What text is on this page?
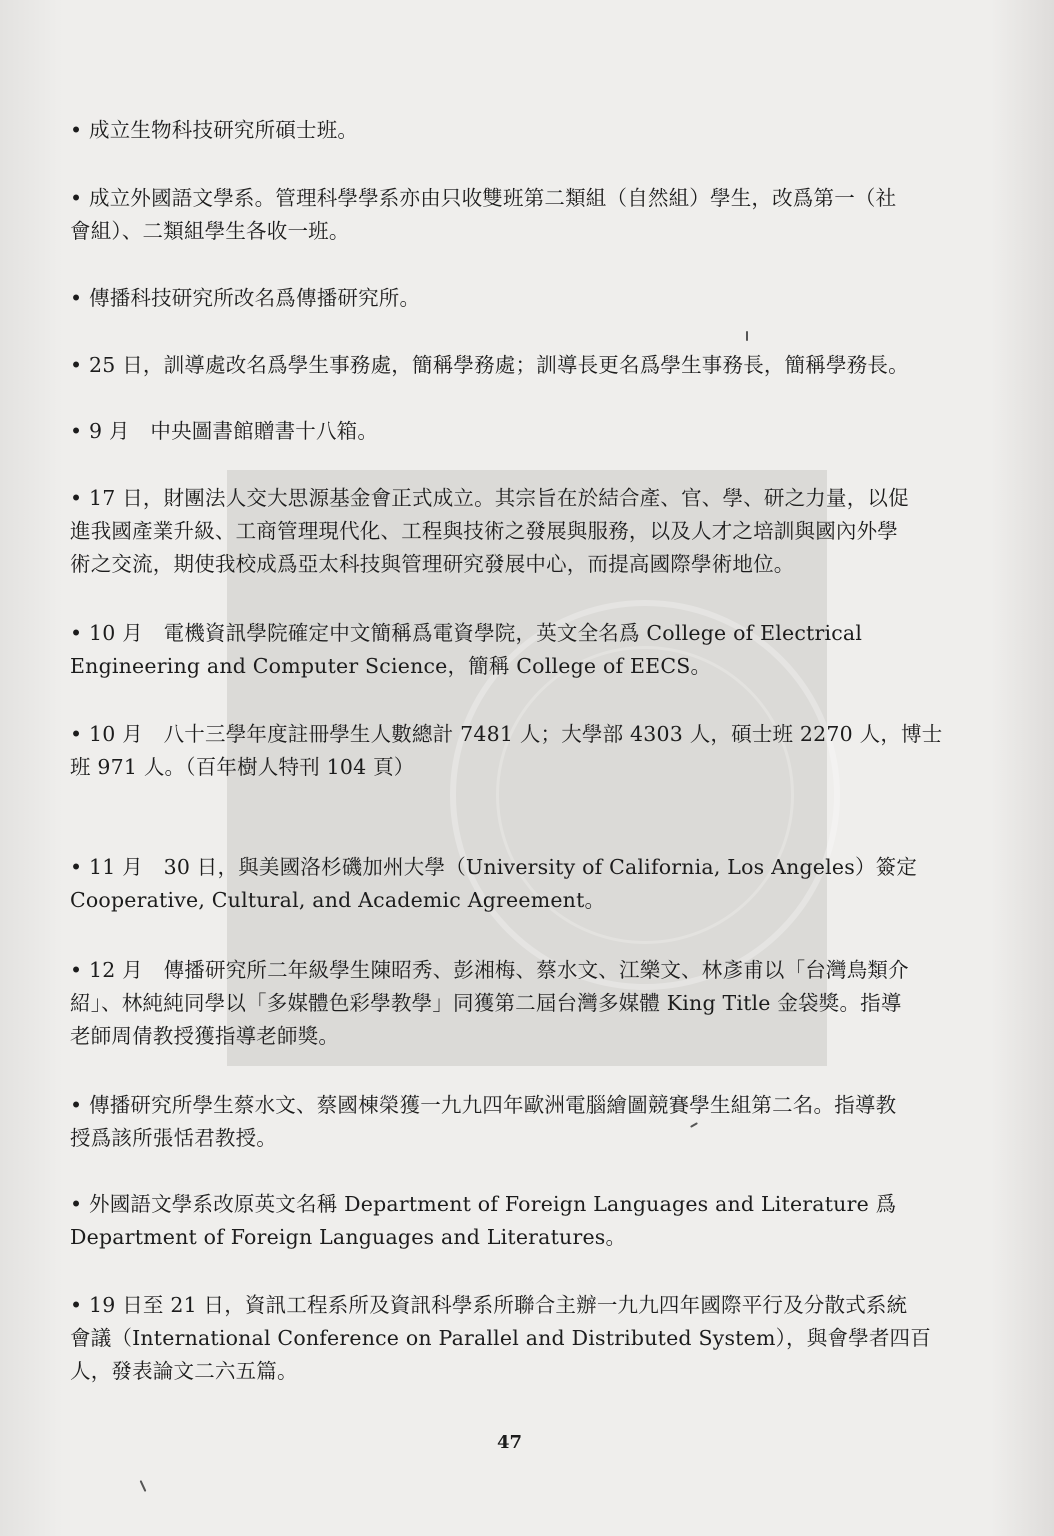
• 成立生物科技研究所碩士班。

• 成立外國語文學系。管理科學學系亦由只收雙班第二類組（自然組）學生，改爲第一（社
會組）、二類組學生各收一班。

• 傳播科技研究所改名爲傳播研究所。

• 25 日，訓導處改名爲學生事務處，簡稱學務處；訓導長更名爲學生事務長，簡稱學務長。

• 9 月　中央圖書館贈書十八箱。

• 17 日，財團法人交大思源基金會正式成立。其宗旨在於結合產、官、學、研之力量，以促
進我國產業升級、工商管理現代化、工程與技術之發展與服務，以及人才之培訓與國內外學
術之交流，期使我校成爲亞太科技與管理研究發展中心，而提高國際學術地位。

• 10 月　電機資訊學院確定中文簡稱爲電資學院，英文全名爲 College of Electrical
Engineering and Computer Science，簡稱 College of EECS。

• 10 月　八十三學年度註冊學生人數總計 7481 人；大學部 4303 人，碩士班 2270 人，博士
班 971 人。（百年樹人特刊 104 頁）

• 11 月　30 日，與美國洛杉磯加州大學（University of California, Los Angeles）簽定
Cooperative, Cultural, and Academic Agreement。

• 12 月　傳播研究所二年級學生陳昭秀、彭湘梅、蔡水文、江樂文、林彥甫以「台灣鳥類介
紹」、林純純同學以「多媒體色彩學教學」同獲第二屆台灣多媒體 King Title 金袋獎。指導
老師周倩教授獲指導老師獎。

• 傳播研究所學生蔡水文、蔡國棟榮獲一九九四年歐洲電腦繪圖競賽學生組第二名。指導教
授爲該所張恬君教授。

• 外國語文學系改原英文名稱 Department of Foreign Languages and Literature 爲
Department of Foreign Languages and Literatures。

• 19 日至 21 日，資訊工程系所及資訊科學系所聯合主辦一九九四年國際平行及分散式系統
會議（International Conference on Parallel and Distributed System），與會學者四百
人，發表論文二六五篇。

47
